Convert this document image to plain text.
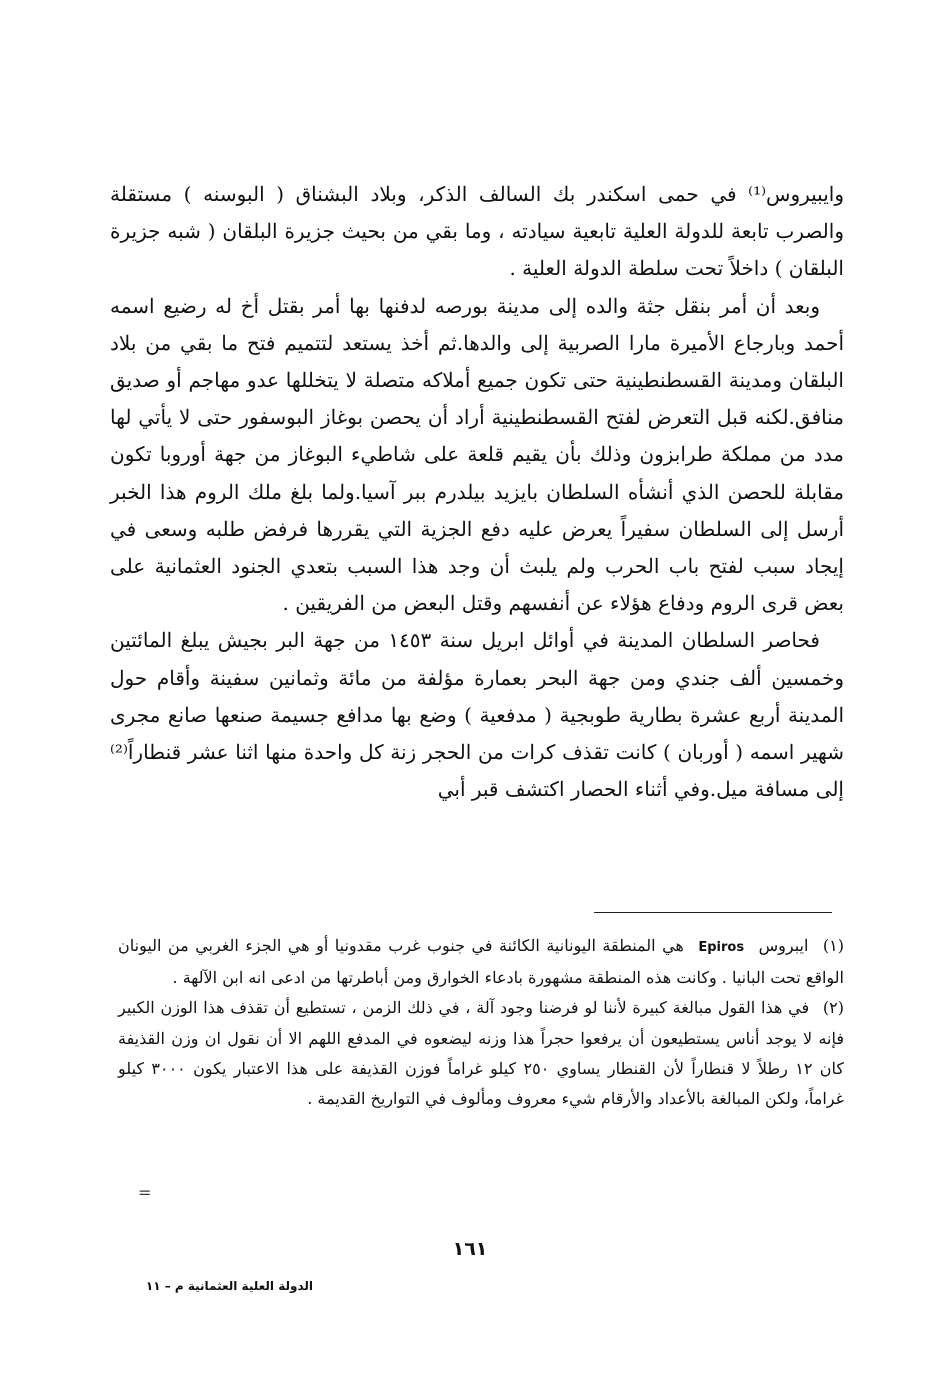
وايبيروس⁽¹⁾ في حمى اسكندر بك السالف الذكر، وبلاد البشناق ( البوسنه ) مستقلة والصرب تابعة للدولة العلية تابعية سيادته ، وما بقي من بحيث جزيرة البلقان ( شبه جزيرة البلقان ) داخلاً تحت سلطة الدولة العلية .

وبعد أن أمر بنقل جثة والده إلى مدينة بورصه لدفنها بها أمر بقتل أخ له رضيع اسمه أحمد وبارجاع الأميرة مارا الصربية إلى والدها.ثم أخذ يستعد لتتميم فتح ما بقي من بلاد البلقان ومدينة القسطنطينية حتى تكون جميع أملاكه متصلة لا يتخللها عدو مهاجم أو صديق منافق.لكنه قبل التعرض لفتح القسطنطينية أراد أن يحصن بوغاز البوسفور حتى لا يأتي لها مدد من مملكة طرابزون وذلك بأن يقيم قلعة على شاطيء البوغاز من جهة أوروبا تكون مقابلة للحصن الذي أنشأه السلطان بايزيد بيلدرم ببر آسيا.ولما بلغ ملك الروم هذا الخبر أرسل إلى السلطان سفيراً يعرض عليه دفع الجزية التي يقررها فرفض طلبه وسعى في إيجاد سبب لفتح باب الحرب ولم يلبث أن وجد هذا السبب بتعدي الجنود العثمانية على بعض قرى الروم ودفاع هؤلاء عن أنفسهم وقتل البعض من الفريقين .

فحاصر السلطان المدينة في أوائل ابريل سنة ١٤٥٣ من جهة البر بجيش يبلغ المائتين وخمسين ألف جندي ومن جهة البحر بعمارة مؤلفة من مائة وثمانين سفينة وأقام حول المدينة أربع عشرة بطارية طوبجية ( مدفعية ) وضع بها مدافع جسيمة صنعها صانع مجرى شهير اسمه ( أوربان ) كانت تقذف كرات من الحجر زنة كل واحدة منها اثنا عشر قنطاراً⁽²⁾ إلى مسافة ميل.وفي أثناء الحصار اكتشف قبر أبي

(١) ايبروس Epiros هي المنطقة اليونانية الكائنة في جنوب غرب مقدونيا أو هي الجزء الغربي من اليونان الواقع تحت البانيا . وكانت هذه المنطقة مشهورة بادعاء الخوارق ومن أباطرتها من ادعى انه ابن الآلهة .

(٢) في هذا القول مبالغة كبيرة لأننا لو فرضنا وجود آلة ، في ذلك الزمن ، تستطيع أن تقذف هذا الوزن الكبير فإنه لا يوجد أناس يستطيعون أن يرفعوا حجراً هذا وزنه ليضعوه في المدفع اللهم الا أن نقول ان وزن القذيفة كان ١٢ رطلاً لا قنطاراً لأن القنطار يساوي ٢٥٠ كيلو غراماً فوزن القذيفة على هذا الاعتبار يكون ٣٠٠٠ كيلو غراماً، ولكن المبالغة بالأعداد والأرقام شيء معروف ومألوف في التواريخ القديمة .

=
١٦١
الدولة العلية العثمانية م – ١١
